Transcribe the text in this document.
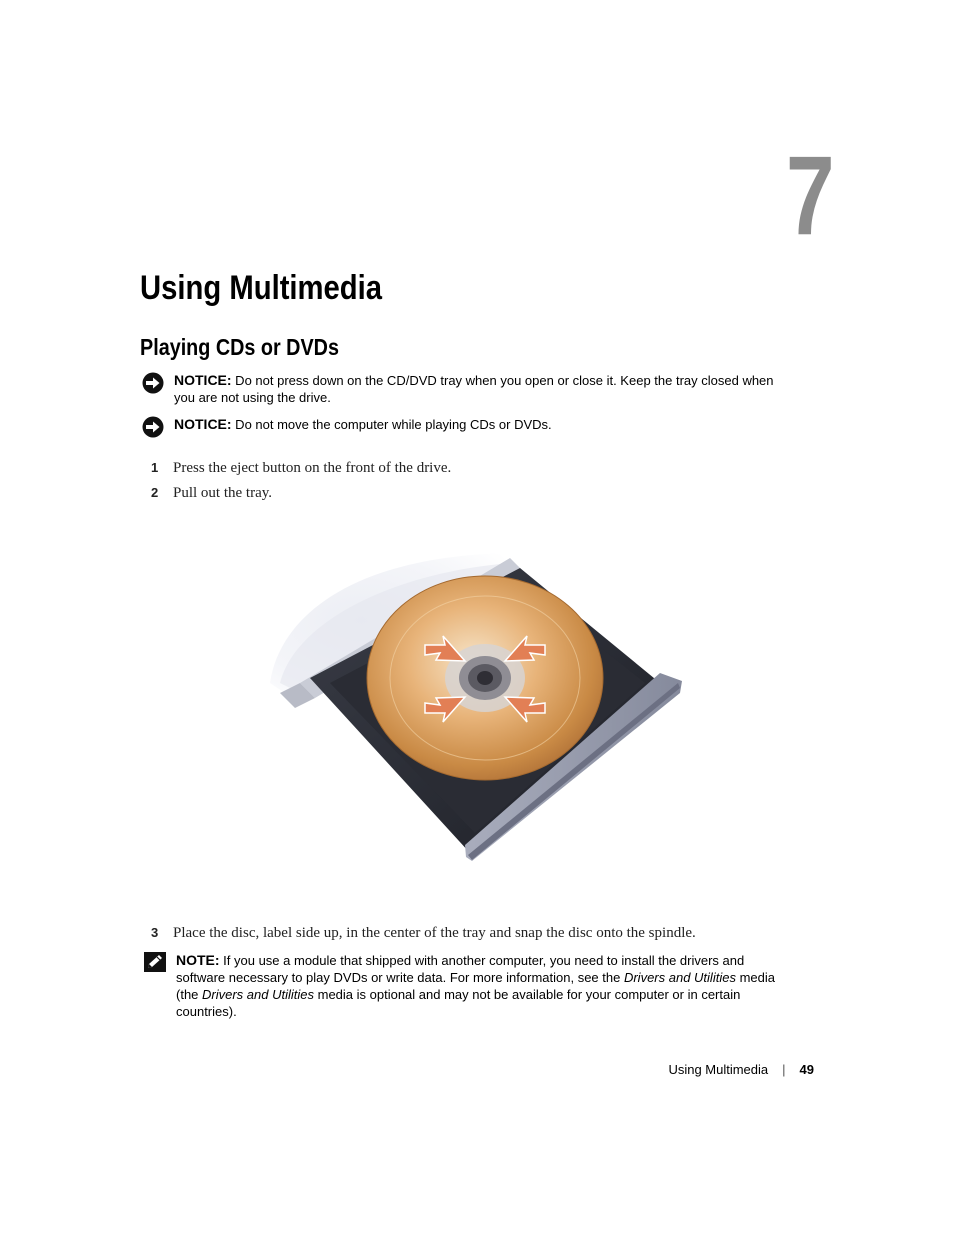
7
Using Multimedia
Playing CDs or DVDs
NOTICE: Do not press down on the CD/DVD tray when you open or close it. Keep the tray closed when you are not using the drive.
NOTICE: Do not move the computer while playing CDs or DVDs.
1 Press the eject button on the front of the drive.
2 Pull out the tray.
3 Place the disc, label side up, in the center of the tray and snap the disc onto the spindle.
NOTE: If you use a module that shipped with another computer, you need to install the drivers and software necessary to play DVDs or write data. For more information, see the Drivers and Utilities media (the Drivers and Utilities media is optional and may not be available for your computer or in certain countries).
Using Multimedia | 49
